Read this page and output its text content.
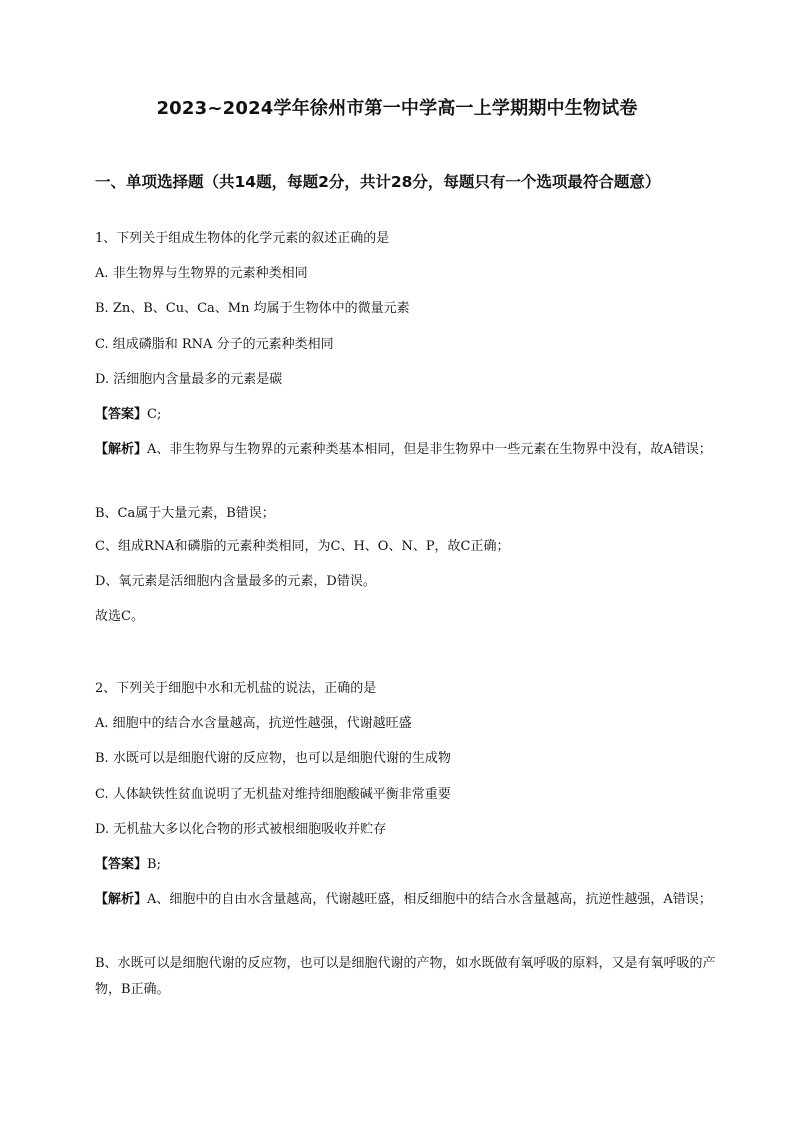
2023~2024学年徐州市第一中学高一上学期期中生物试卷
一、单项选择题（共14题，每题2分，共计28分，每题只有一个选项最符合题意）
1、下列关于组成生物体的化学元素的叙述正确的是
A. 非生物界与生物界的元素种类相同
B. Zn、B、Cu、Ca、Mn 均属于生物体中的微量元素
C. 组成磷脂和 RNA 分子的元素种类相同
D. 活细胞内含量最多的元素是碳
【答案】C;
【解析】A、非生物界与生物界的元素种类基本相同，但是非生物界中一些元素在生物界中没有，故A错误；
B、Ca属于大量元素，B错误；
C、组成RNA和磷脂的元素种类相同，为C、H、O、N、P，故C正确；
D、氧元素是活细胞内含量最多的元素，D错误。
故选C。
2、下列关于细胞中水和无机盐的说法，正确的是
A. 细胞中的结合水含量越高，抗逆性越强，代谢越旺盛
B. 水既可以是细胞代谢的反应物，也可以是细胞代谢的生成物
C. 人体缺铁性贫血说明了无机盐对维持细胞酸碱平衡非常重要
D. 无机盐大多以化合物的形式被根细胞吸收并贮存
【答案】B;
【解析】A、细胞中的自由水含量越高，代谢越旺盛，相反细胞中的结合水含量越高，抗逆性越强，A错误；
B、水既可以是细胞代谢的反应物，也可以是细胞代谢的产物，如水既做有氧呼吸的原料，又是有氧呼吸的产物，B正确。
